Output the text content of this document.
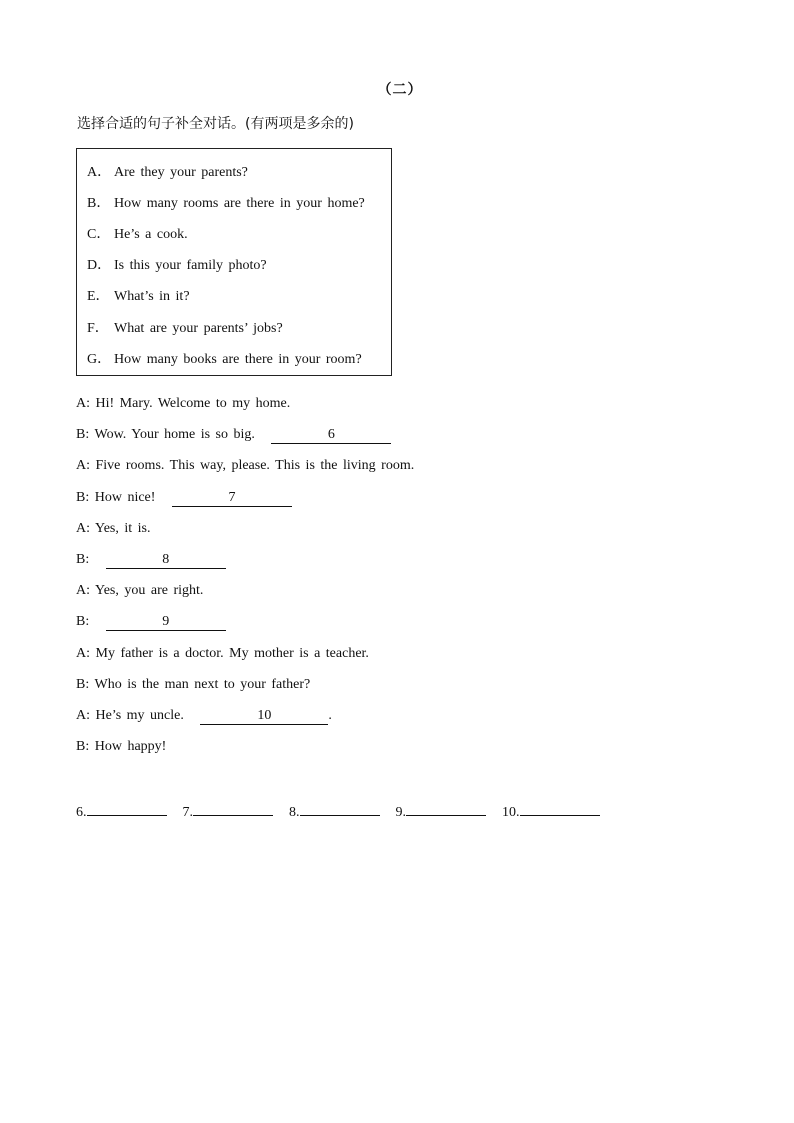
（二）
选择合适的句子补全对话。(有两项是多余的)
A． Are they your parents?
B． How many rooms are there in your home?
C． He’s a cook.
D． Is this your family photo?
E． What’s in it?
F． What are your parents’ jobs?
G． How many books are there in your room?
A: Hi! Mary. Welcome to my home.
B: Wow. Your home is so big.	6
A: Five rooms. This way, please. This is the living room.
B: How nice!	7
A: Yes, it is.
B:	8
A: Yes, you are right.
B:	9
A: My father is a doctor. My mother is a teacher.
B: Who is the man next to your father?
A: He’s my uncle.	10	.
B: How happy!
6.	7.	8.	9.	10.
